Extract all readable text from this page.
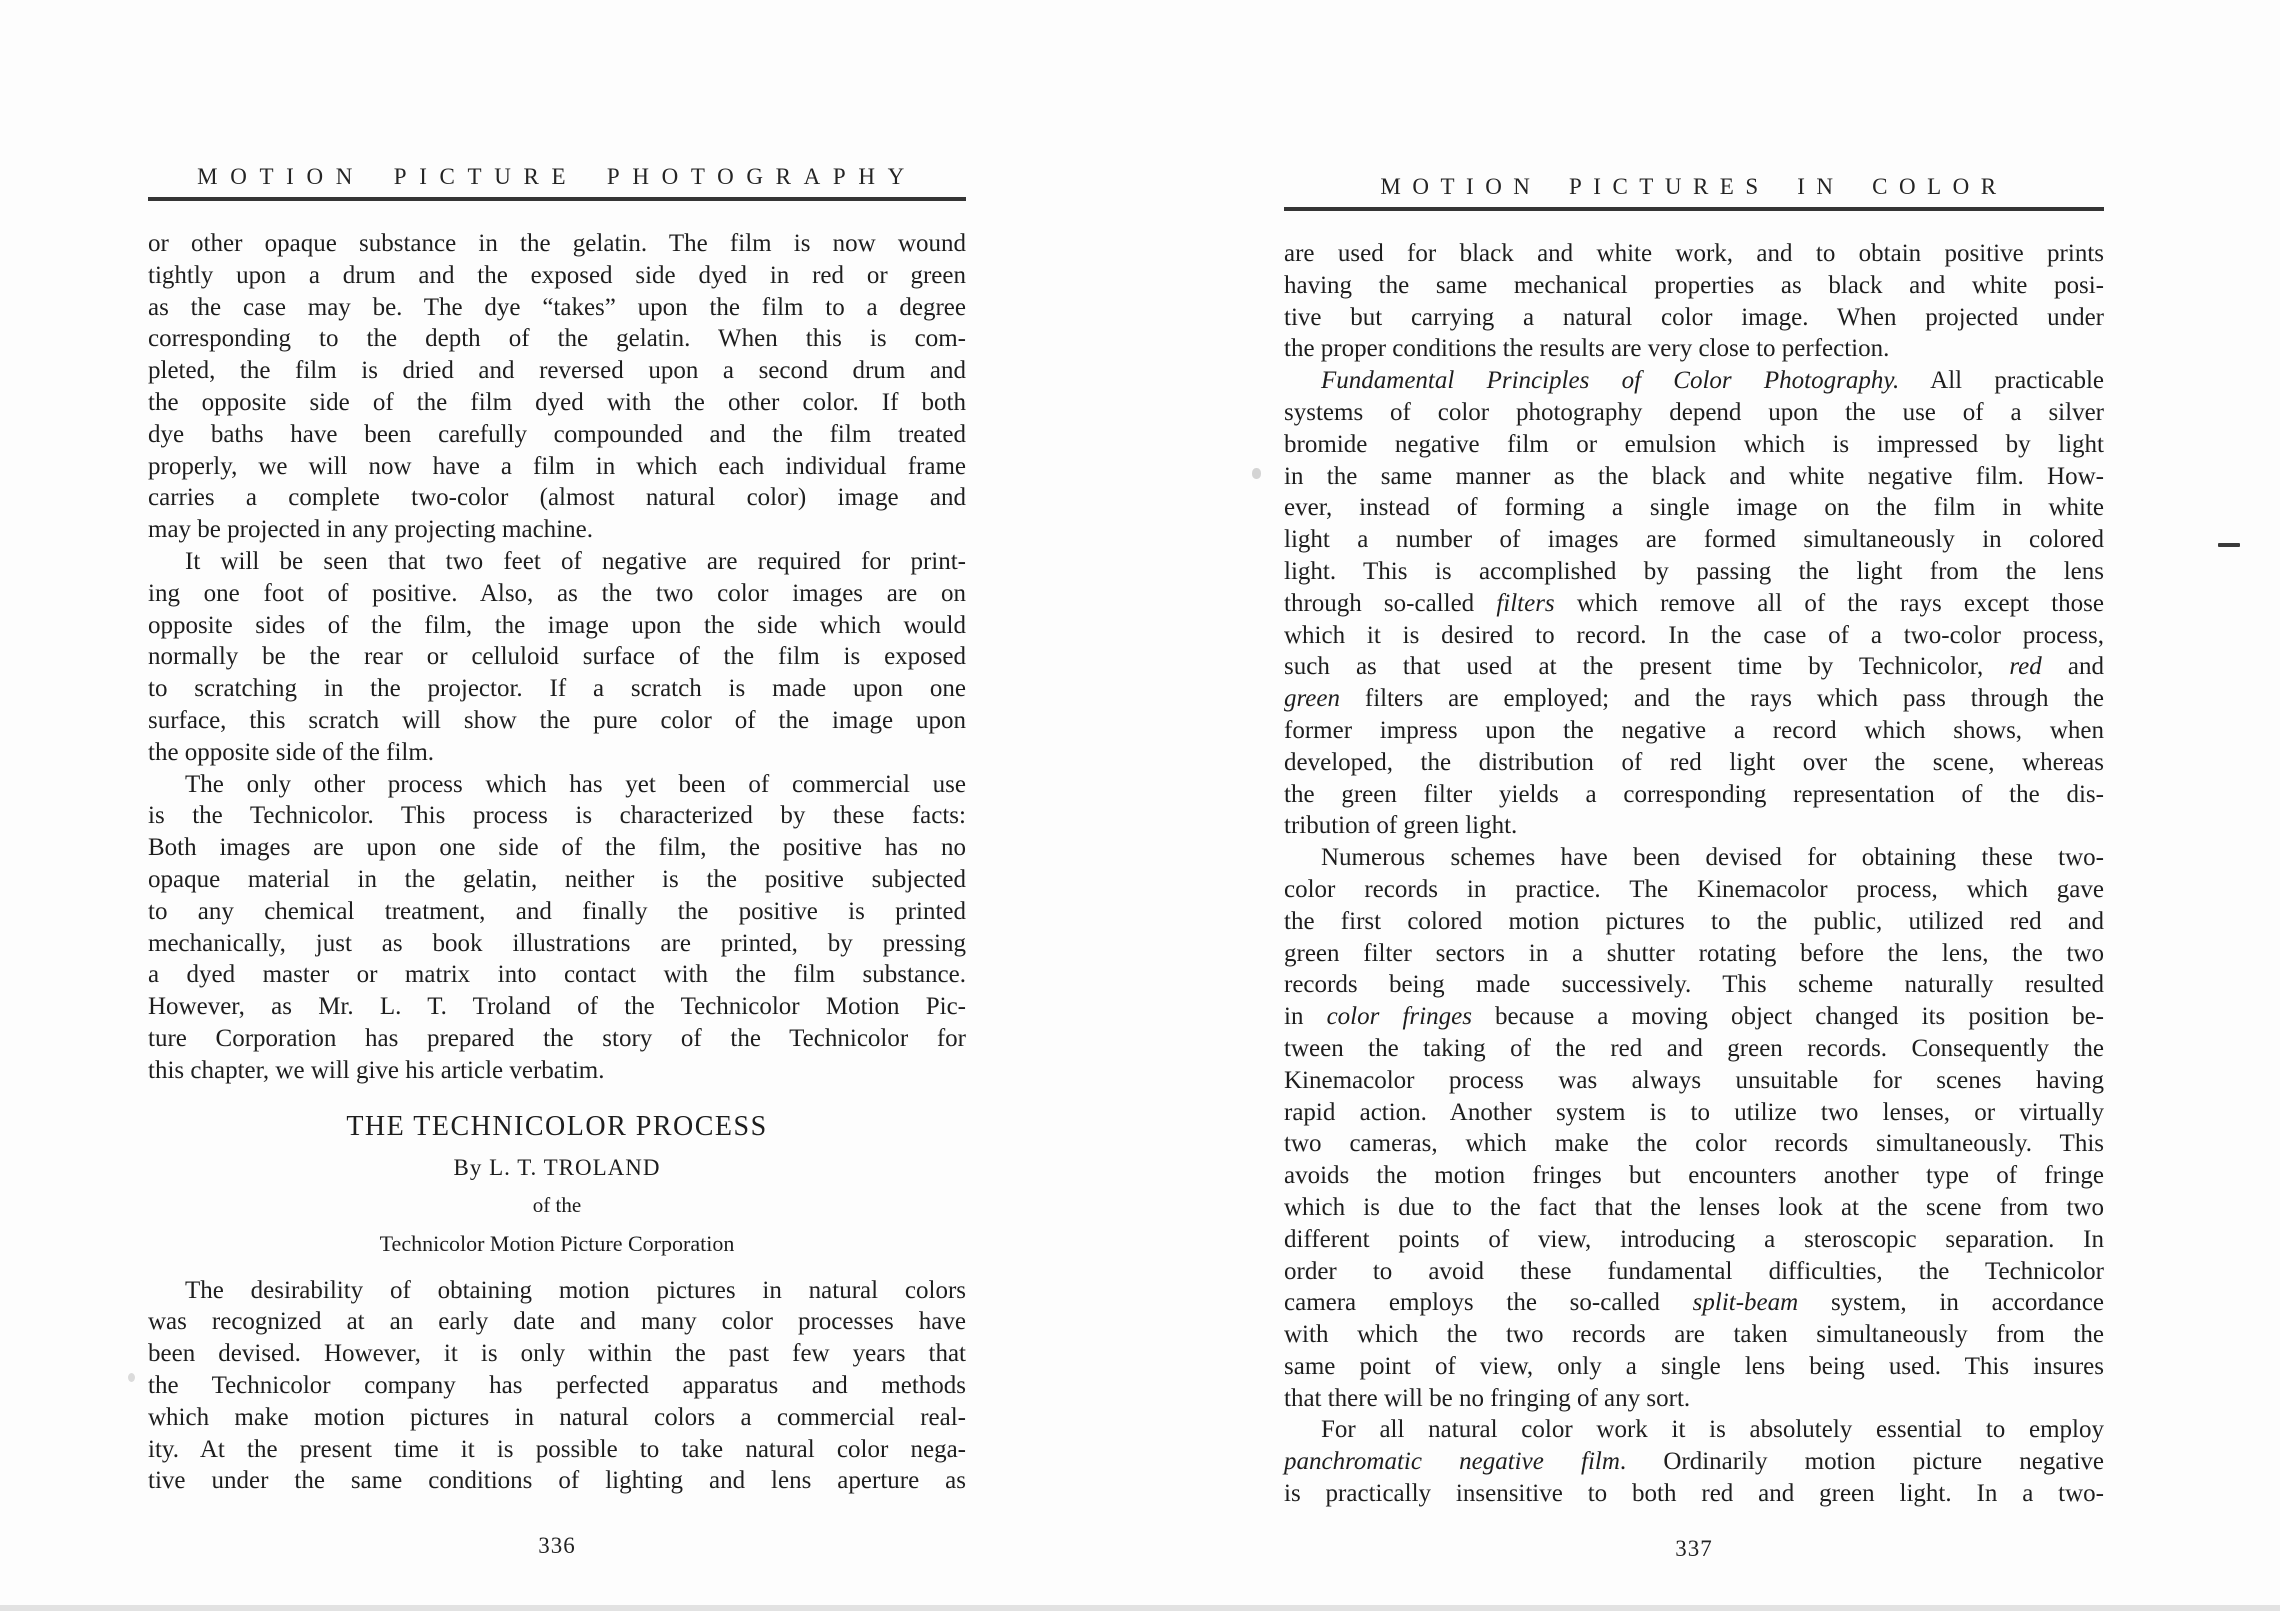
MOTION PICTURE PHOTOGRAPHY
or other opaque substance in the gelatin. The film is now wound
tightly upon a drum and the exposed side dyed in red or green
as the case may be. The dye “takes” upon the film to a degree
corresponding to the depth of the gelatin. When this is com-
pleted, the film is dried and reversed upon a second drum and
the opposite side of the film dyed with the other color. If both
dye baths have been carefully compounded and the film treated
properly, we will now have a film in which each individual frame
carries a complete two-color (almost natural color) image and
may be projected in any projecting machine.
It will be seen that two feet of negative are required for print-
ing one foot of positive. Also, as the two color images are on
opposite sides of the film, the image upon the side which would
normally be the rear or celluloid surface of the film is exposed
to scratching in the projector. If a scratch is made upon one
surface, this scratch will show the pure color of the image upon
the opposite side of the film.
The only other process which has yet been of commercial use
is the Technicolor. This process is characterized by these facts:
Both images are upon one side of the film, the positive has no
opaque material in the gelatin, neither is the positive subjected
to any chemical treatment, and finally the positive is printed
mechanically, just as book illustrations are printed, by pressing
a dyed master or matrix into contact with the film substance.
However, as Mr. L. T. Troland of the Technicolor Motion Pic-
ture Corporation has prepared the story of the Technicolor for
this chapter, we will give his article verbatim.
THE TECHNICOLOR PROCESS
By L. T. TROLAND
of the
Technicolor Motion Picture Corporation
The desirability of obtaining motion pictures in natural colors
was recognized at an early date and many color processes have
been devised. However, it is only within the past few years that
the Technicolor company has perfected apparatus and methods
which make motion pictures in natural colors a commercial real-
ity. At the present time it is possible to take natural color nega-
tive under the same conditions of lighting and lens aperture as
336
MOTION PICTURES IN COLOR
are used for black and white work, and to obtain positive prints
having the same mechanical properties as black and white posi-
tive but carrying a natural color image. When projected under
the proper conditions the results are very close to perfection.
Fundamental Principles of Color Photography. All practicable
systems of color photography depend upon the use of a silver
bromide negative film or emulsion which is impressed by light
in the same manner as the black and white negative film. How-
ever, instead of forming a single image on the film in white
light a number of images are formed simultaneously in colored
light. This is accomplished by passing the light from the lens
through so-called filters which remove all of the rays except those
which it is desired to record. In the case of a two-color process,
such as that used at the present time by Technicolor, red and
green filters are employed; and the rays which pass through the
former impress upon the negative a record which shows, when
developed, the distribution of red light over the scene, whereas
the green filter yields a corresponding representation of the dis-
tribution of green light.
Numerous schemes have been devised for obtaining these two-
color records in practice. The Kinemacolor process, which gave
the first colored motion pictures to the public, utilized red and
green filter sectors in a shutter rotating before the lens, the two
records being made successively. This scheme naturally resulted
in color fringes because a moving object changed its position be-
tween the taking of the red and green records. Consequently the
Kinemacolor process was always unsuitable for scenes having
rapid action. Another system is to utilize two lenses, or virtually
two cameras, which make the color records simultaneously. This
avoids the motion fringes but encounters another type of fringe
which is due to the fact that the lenses look at the scene from two
different points of view, introducing a steroscopic separation. In
order to avoid these fundamental difficulties, the Technicolor
camera employs the so-called split-beam system, in accordance
with which the two records are taken simultaneously from the
same point of view, only a single lens being used. This insures
that there will be no fringing of any sort.
For all natural color work it is absolutely essential to employ
panchromatic negative film. Ordinarily motion picture negative
is practically insensitive to both red and green light. In a two-
337
